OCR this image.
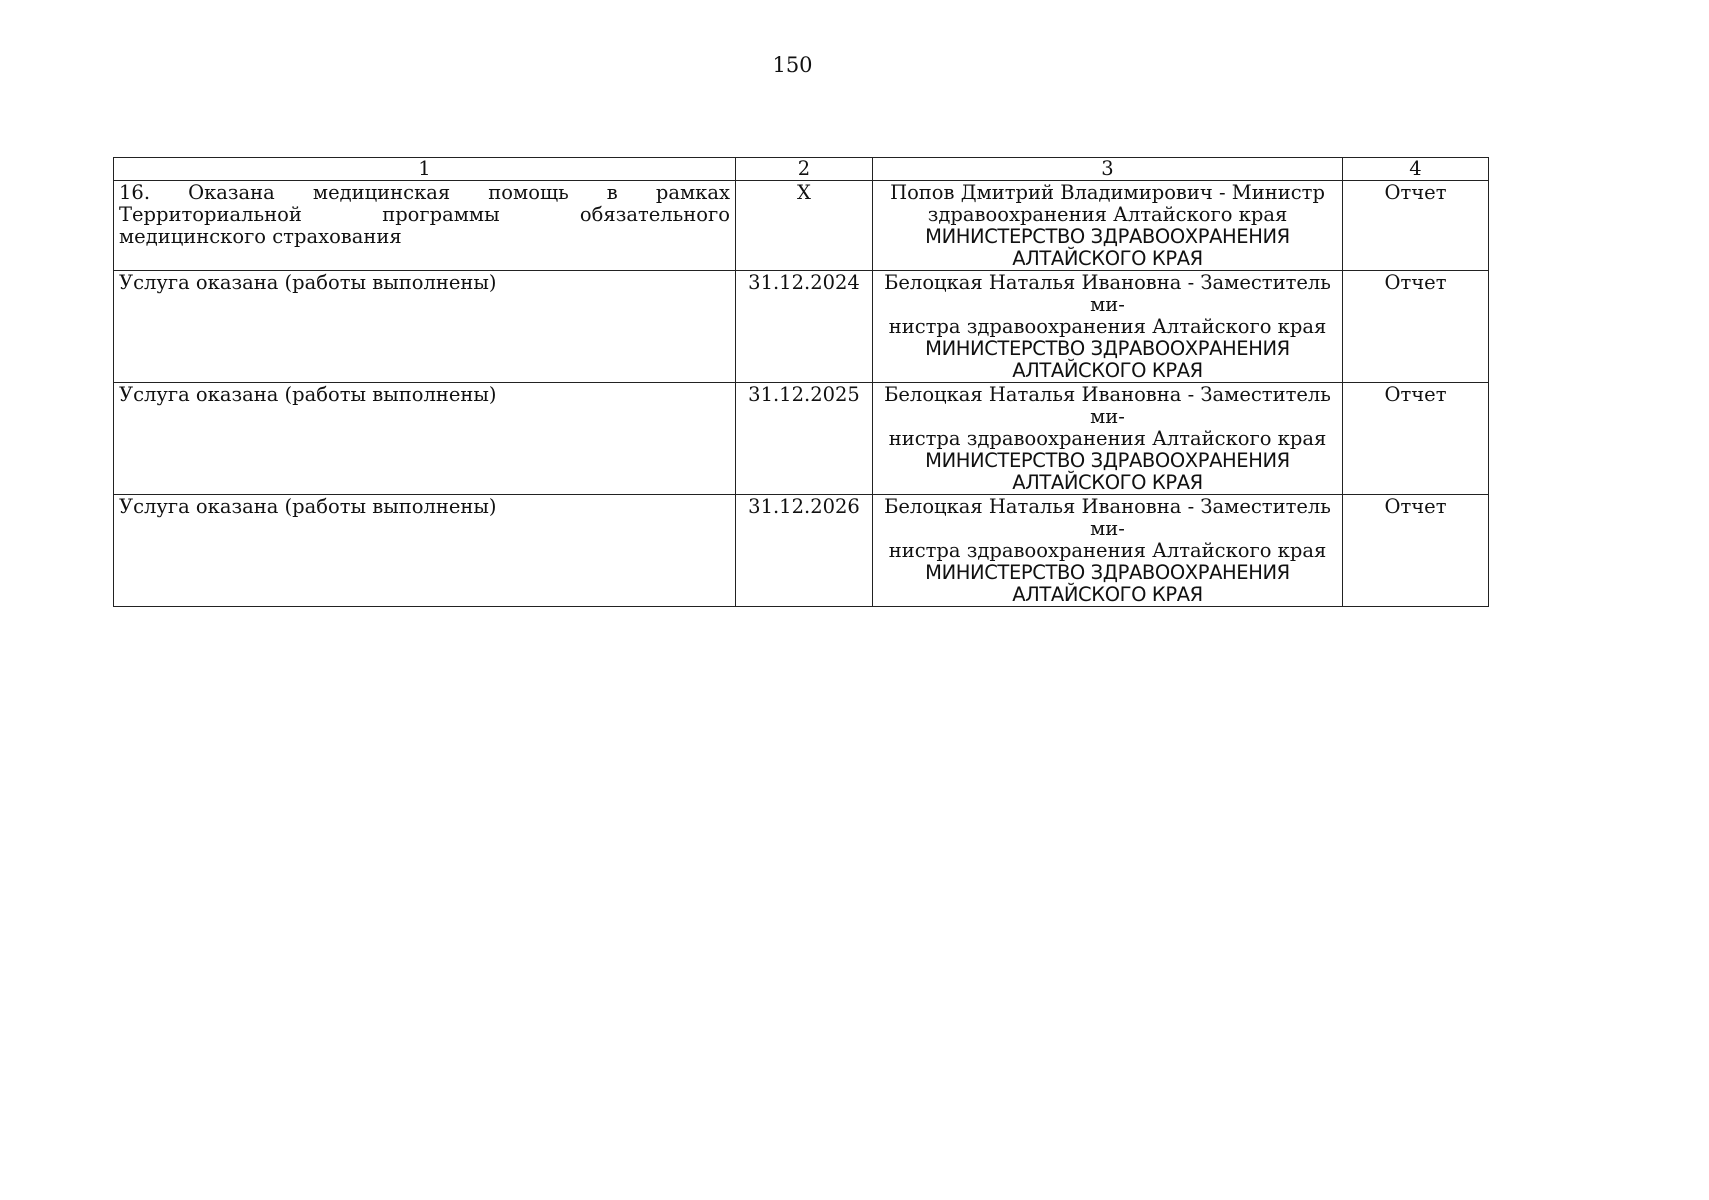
150
1	2	3	4
16. Оказана медицинская помощь в рамках Территориальной программы обязательного медицинского страхования	X	Попов Дмитрий Владимирович - Министр
здравоохранения Алтайского края
МИНИСТЕРСТВО ЗДРАВООХРАНЕНИЯ
АЛТАЙСКОГО КРАЯ	Отчет
Услуга оказана (работы выполнены)	31.12.2024	Белоцкая Наталья Ивановна - Заместитель ми-
нистра здравоохранения Алтайского края
МИНИСТЕРСТВО ЗДРАВООХРАНЕНИЯ
АЛТАЙСКОГО КРАЯ	Отчет
Услуга оказана (работы выполнены)	31.12.2025	Белоцкая Наталья Ивановна - Заместитель ми-
нистра здравоохранения Алтайского края
МИНИСТЕРСТВО ЗДРАВООХРАНЕНИЯ
АЛТАЙСКОГО КРАЯ	Отчет
Услуга оказана (работы выполнены)	31.12.2026	Белоцкая Наталья Ивановна - Заместитель ми-
нистра здравоохранения Алтайского края
МИНИСТЕРСТВО ЗДРАВООХРАНЕНИЯ
АЛТАЙСКОГО КРАЯ	Отчет
